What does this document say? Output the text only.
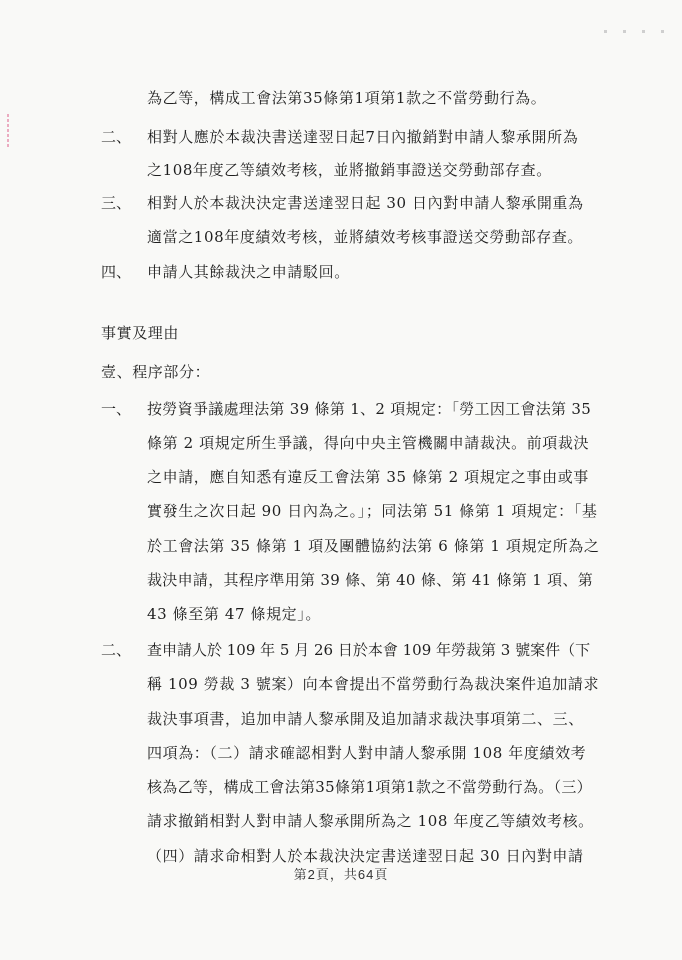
為乙等，構成工會法第35條第1項第1款之不當勞動行為。
二、 相對人應於本裁決書送達翌日起7日內撤銷對申請人黎承開所為
之108年度乙等績效考核，並將撤銷事證送交勞動部存查。
三、 相對人於本裁決決定書送達翌日起 30 日內對申請人黎承開重為
適當之108年度績效考核，並將績效考核事證送交勞動部存查。
四、 申請人其餘裁決之申請駁回。
事實及理由
壹、程序部分：
一、 按勞資爭議處理法第 39 條第 1、2 項規定：「勞工因工會法第 35
條第 2 項規定所生爭議，得向中央主管機關申請裁決。前項裁決
之申請，應自知悉有違反工會法第 35 條第 2 項規定之事由或事
實發生之次日起 90 日內為之。」；同法第 51 條第 1 項規定：「基
於工會法第 35 條第 1 項及團體協約法第 6 條第 1 項規定所為之
裁決申請，其程序準用第 39 條、第 40 條、第 41 條第 1 項、第
43 條至第 47 條規定」。
二、 查申請人於 109 年 5 月 26 日於本會 109 年勞裁第 3 號案件（下
稱 109 勞裁 3 號案）向本會提出不當勞動行為裁決案件追加請求
裁決事項書，追加申請人黎承開及追加請求裁決事項第二、三、
四項為：（二）請求確認相對人對申請人黎承開 108 年度績效考
核為乙等，構成工會法第35條第1項第1款之不當勞動行為。（三）
請求撤銷相對人對申請人黎承開所為之 108 年度乙等績效考核。
（四）請求命相對人於本裁決決定書送達翌日起 30 日內對申請
第2頁，共64頁
